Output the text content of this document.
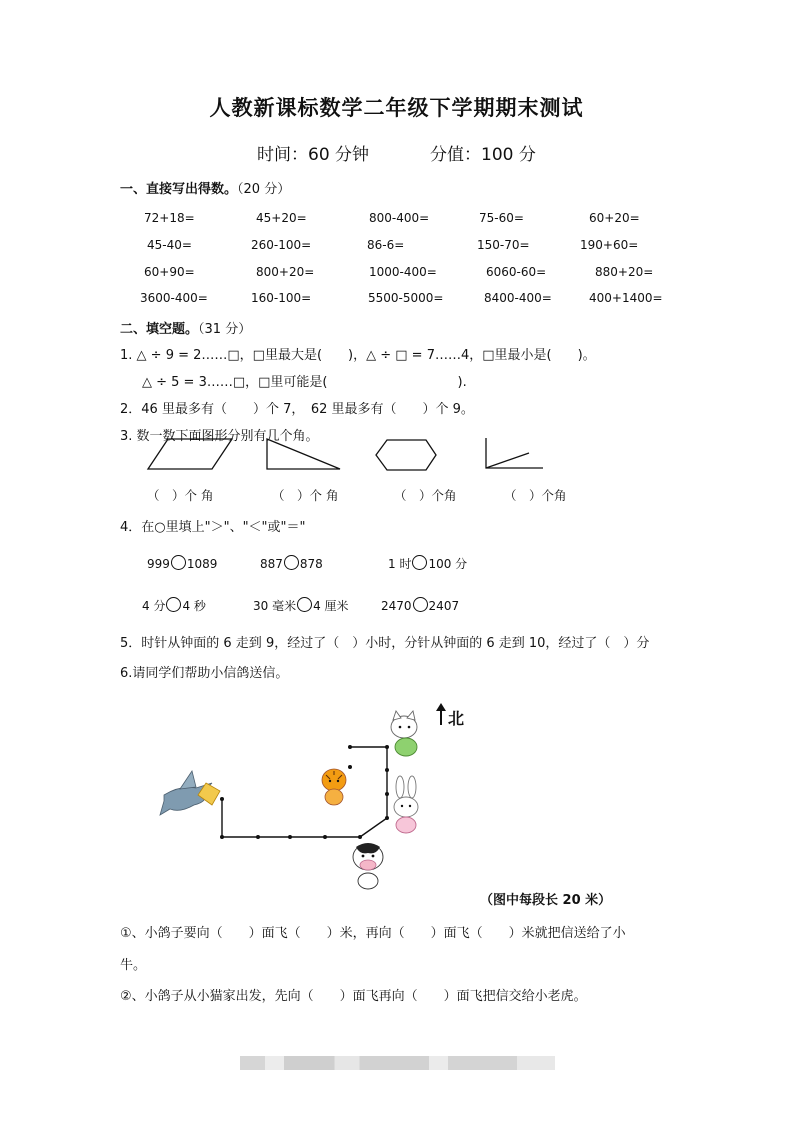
人教新课标数学二年级下学期期末测试
时间：60 分钟	分值：100 分
一、直接写出得数。（20 分）
72+18=	45+20=	800-400=	75-60=	60+20=
45-40=	260-100=	86-6=	150-70=	190+60=
60+90=	800+20=	1000-400=	6060-60=	880+20=
3600-400=	160-100=	5500-5000=	8400-400=	400+1400=
二、填空题。（31 分）
1. △ ÷ 9 = 2……□，□里最大是(　　)，△ ÷ □ = 7……4，□里最小是(　　)。
△ ÷ 5 = 3……□，□里可能是(　　　　　　　　　　).
2．46 里最多有（　　）个 7，　62 里最多有（　　）个 9。
3. 数一数下面图形分别有几个角。
（　）个 角	（　）个 角	（　）个角	（　）个角
4．在○里填上"＞"、"＜"或"＝"
999 1089	887 878	1 时 100 分
4 分 4 秒	30 毫米 4 厘米	2470 2407
5．时针从钟面的 6 走到 9，经过了（　）小时，分针从钟面的 6 走到 10，经过了（　）分
6.请同学们帮助小信鸽送信。
北
（图中每段长 20 米）
①、小鸽子要向（　　）面飞（　　）米，再向（　　）面飞（　　）米就把信送给了小
牛。
②、小鸽子从小猫家出发，先向（　　）面飞再向（　　）面飞把信交给小老虎。
